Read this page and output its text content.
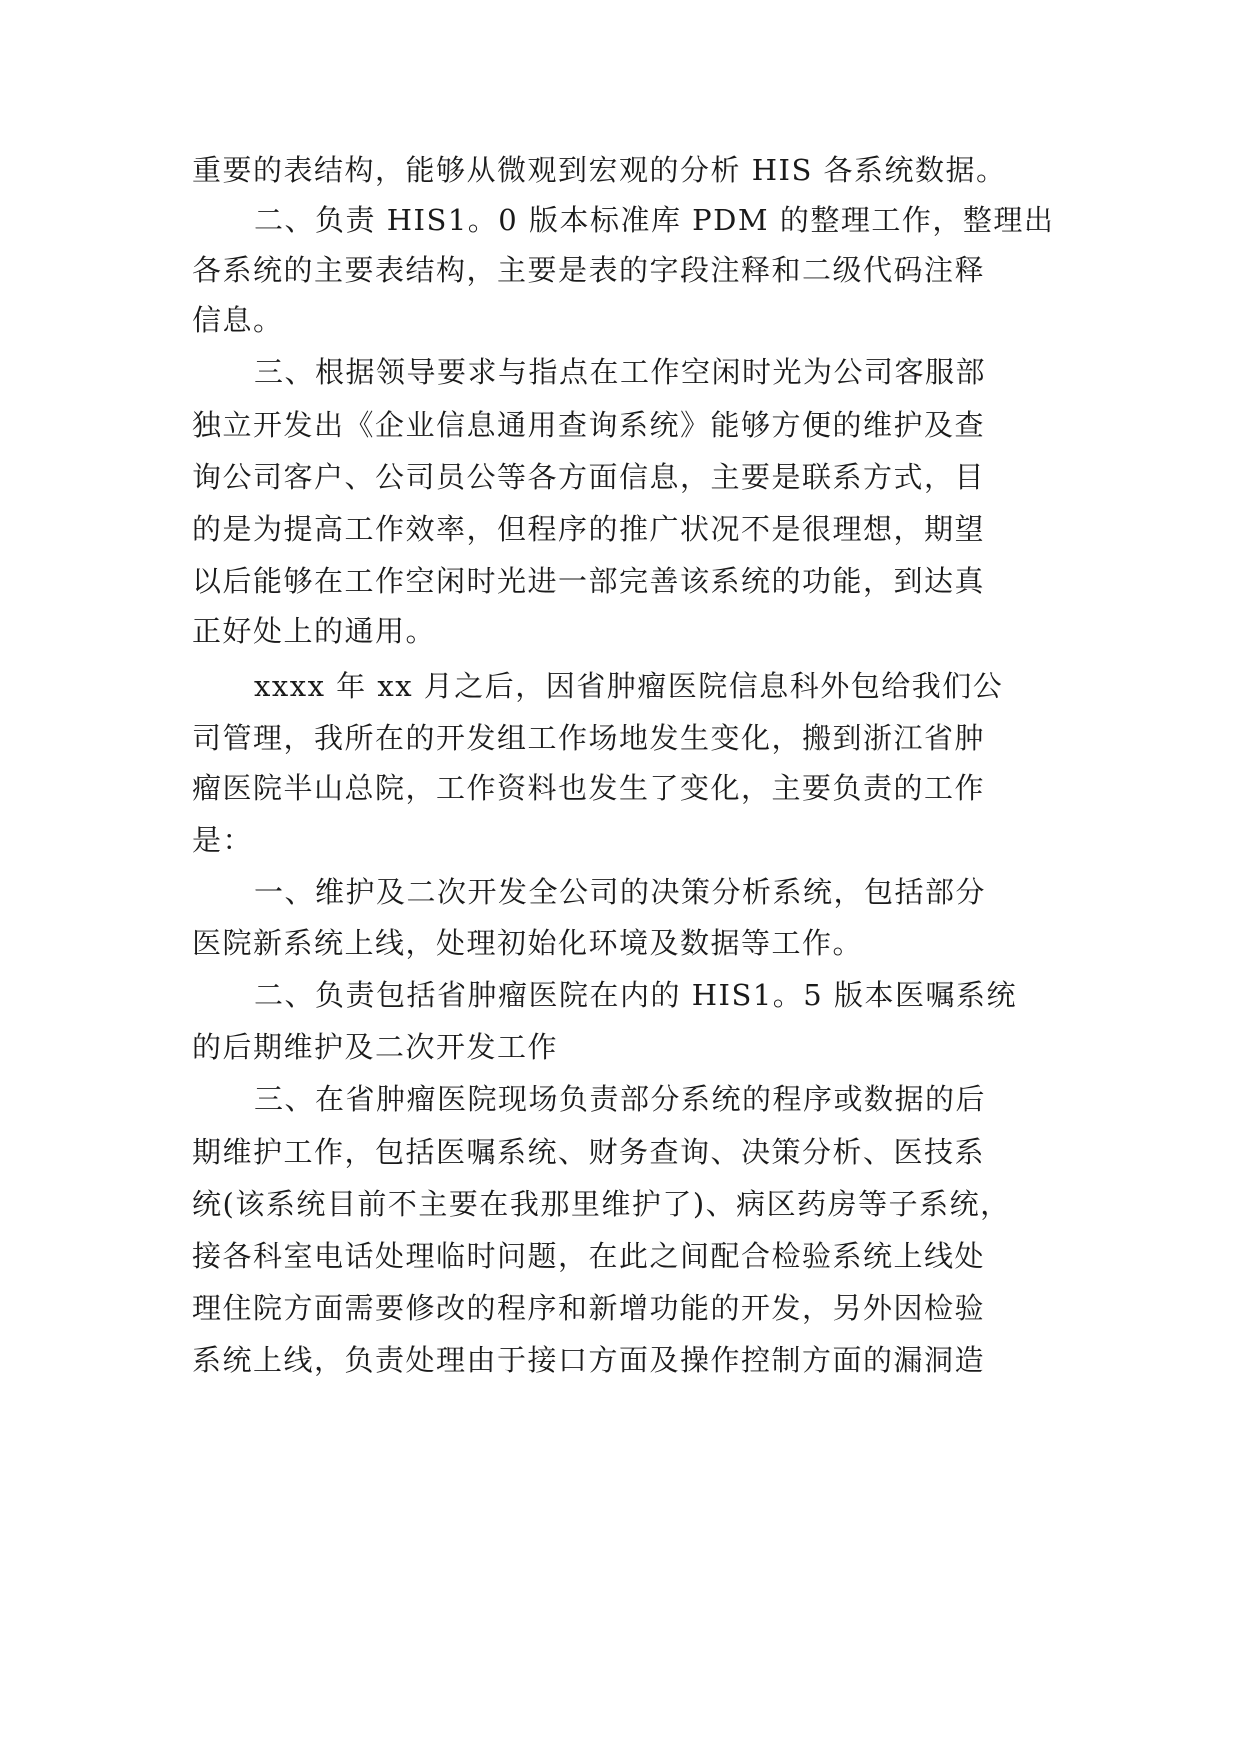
重要的表结构，能够从微观到宏观的分析 HIS 各系统数据。

二、负责 HIS1。0 版本标准库 PDM 的整理工作，整理出

各系统的主要表结构，主要是表的字段注释和二级代码注释

信息。

三、根据领导要求与指点在工作空闲时光为公司客服部

独立开发出《企业信息通用查询系统》能够方便的维护及查

询公司客户、公司员公等各方面信息，主要是联系方式，目

的是为提高工作效率，但程序的推广状况不是很理想，期望

以后能够在工作空闲时光进一部完善该系统的功能，到达真

正好处上的通用。

xxxx 年 xx 月之后，因省肿瘤医院信息科外包给我们公

司管理，我所在的开发组工作场地发生变化，搬到浙江省肿

瘤医院半山总院，工作资料也发生了变化，主要负责的工作

是：

一、维护及二次开发全公司的决策分析系统，包括部分

医院新系统上线，处理初始化环境及数据等工作。

二、负责包括省肿瘤医院在内的 HIS1。5 版本医嘱系统

的后期维护及二次开发工作

三、在省肿瘤医院现场负责部分系统的程序或数据的后

期维护工作，包括医嘱系统、财务查询、决策分析、医技系

统(该系统目前不主要在我那里维护了)、病区药房等子系统，

接各科室电话处理临时问题，在此之间配合检验系统上线处

理住院方面需要修改的程序和新增功能的开发，另外因检验

系统上线，负责处理由于接口方面及操作控制方面的漏洞造
